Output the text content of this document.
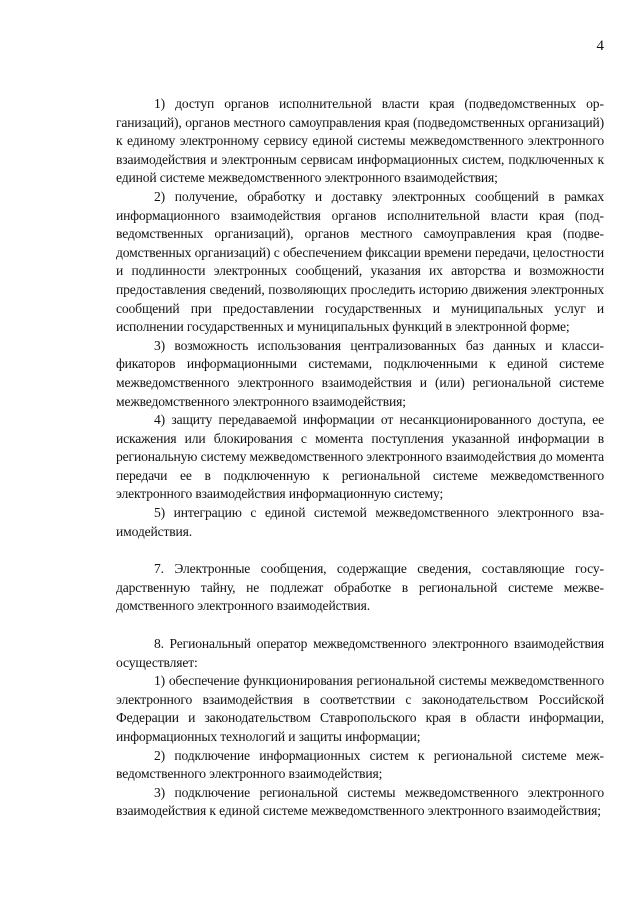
4

1) доступ органов исполнительной власти края (подведомственных организаций), органов местного самоуправления края (подведомственных организаций) к единому электронному сервису единой системы межведомственного электронного взаимодействия и электронным сервисам информационных систем, подключенных к единой системе межведомственного электронного взаимодействия;

2) получение, обработку и доставку электронных сообщений в рамках информационного взаимодействия органов исполнительной власти края (подведомственных организаций), органов местного самоуправления края (подведомственных организаций) с обеспечением фиксации времени передачи, целостности и подлинности электронных сообщений, указания их авторства и возможности предоставления сведений, позволяющих проследить историю движения электронных сообщений при предоставлении государственных и муниципальных услуг и исполнении государственных и муниципальных функций в электронной форме;

3) возможность использования централизованных баз данных и классификаторов информационными системами, подключенными к единой системе межведомственного электронного взаимодействия и (или) региональной системе межведомственного электронного взаимодействия;

4) защиту передаваемой информации от несанкционированного доступа, ее искажения или блокирования с момента поступления указанной информации в региональную систему межведомственного электронного взаимодействия до момента передачи ее в подключенную к региональной системе межведомственного электронного взаимодействия информационную систему;

5) интеграцию с единой системой межведомственного электронного взаимодействия.

7. Электронные сообщения, содержащие сведения, составляющие государственную тайну, не подлежат обработке в региональной системе межведомственного электронного взаимодействия.

8. Региональный оператор межведомственного электронного взаимодействия осуществляет:

1) обеспечение функционирования региональной системы межведомственного электронного взаимодействия в соответствии с законодательством Российской Федерации и законодательством Ставропольского края в области информации, информационных технологий и защиты информации;

2) подключение информационных систем к региональной системе межведомственного электронного взаимодействия;

3) подключение региональной системы межведомственного электронного взаимодействия к единой системе межведомственного электронного взаимодействия;
